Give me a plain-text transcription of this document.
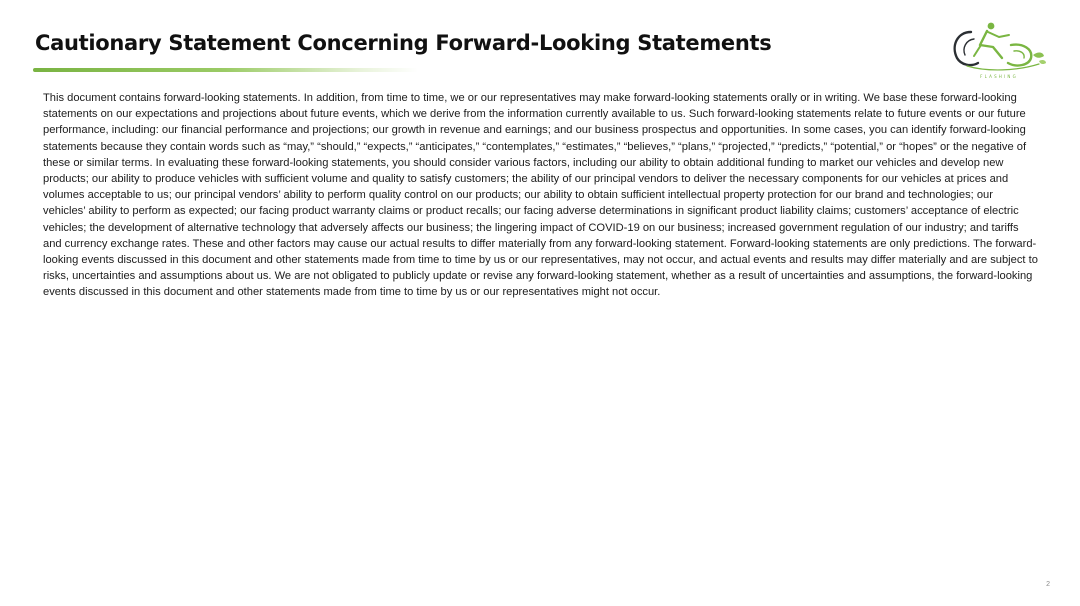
Cautionary Statement Concerning Forward-Looking Statements
FLASHING

This document contains forward-looking statements. In addition, from time to time, we or our representatives may make forward-looking statements orally or in writing. We base these forward-looking statements on our expectations and projections about future events, which we derive from the information currently available to us. Such forward-looking statements relate to future events or our future performance, including: our financial performance and projections; our growth in revenue and earnings; and our business prospectus and opportunities. In some cases, you can identify forward-looking statements because they contain words such as “may,” “should,” “expects,” “anticipates,” “contemplates,” “estimates,” “believes,” “plans,” “projected,” “predicts,” “potential,” or “hopes” or the negative of these or similar terms. In evaluating these forward-looking statements, you should consider various factors, including our ability to obtain additional funding to market our vehicles and develop new products; our ability to produce vehicles with sufficient volume and quality to satisfy customers; the ability of our principal vendors to deliver the necessary components for our vehicles at prices and volumes acceptable to us; our principal vendors’ ability to perform quality control on our products; our ability to obtain sufficient intellectual property protection for our brand and technologies; our vehicles’ ability to perform as expected; our facing product warranty claims or product recalls; our facing adverse determinations in significant product liability claims; customers’ acceptance of electric vehicles; the development of alternative technology that adversely affects our business; the lingering impact of COVID-19 on our business; increased government regulation of our industry; and tariffs and currency exchange rates. These and other factors may cause our actual results to differ materially from any forward-looking statement. Forward-looking statements are only predictions. The forward-looking events discussed in this document and other statements made from time to time by us or our representatives, may not occur, and actual events and results may differ materially and are subject to risks, uncertainties and assumptions about us. We are not obligated to publicly update or revise any forward-looking statement, whether as a result of uncertainties and assumptions, the forward-looking events discussed in this document and other statements made from time to time by us or our representatives might not occur.

2
